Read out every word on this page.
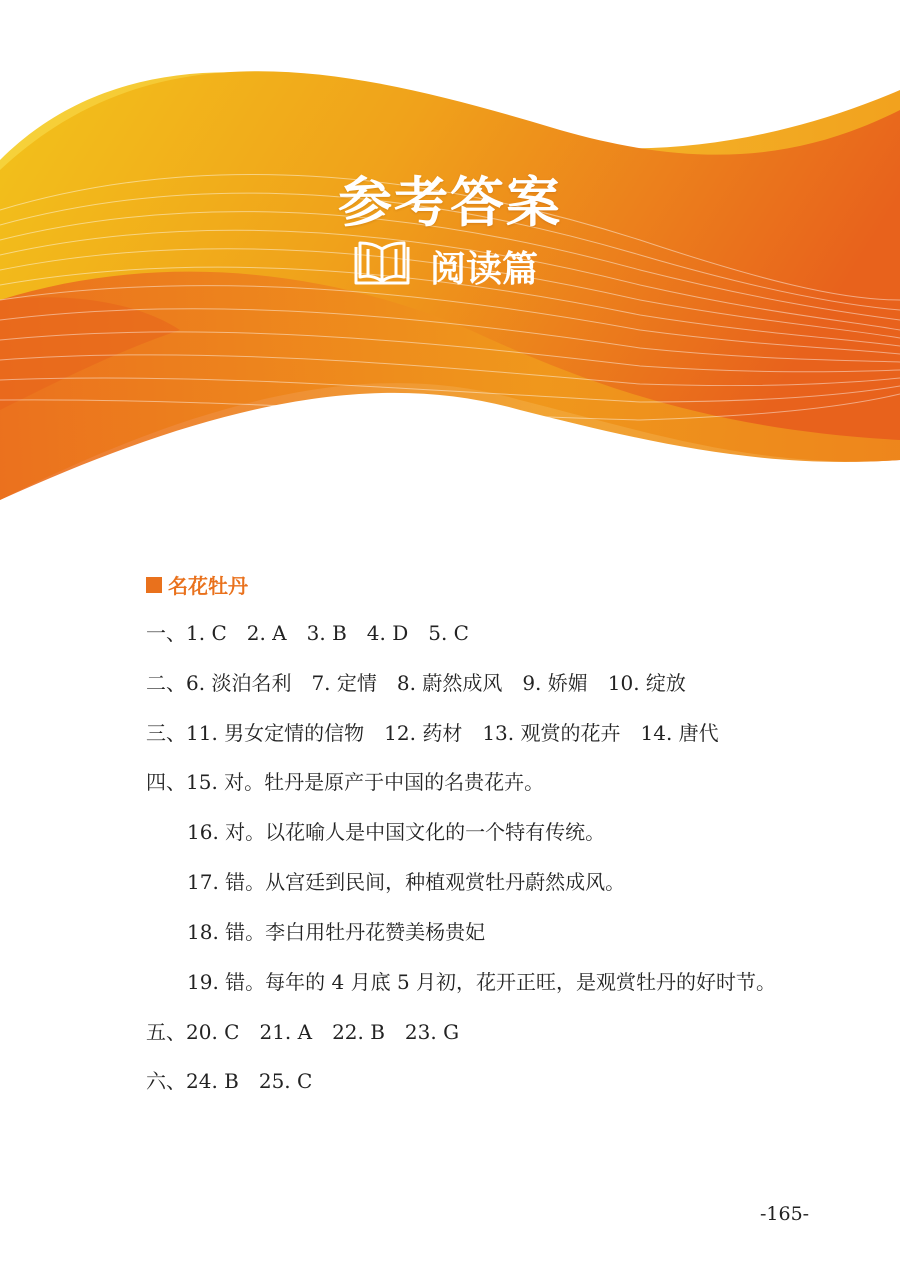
参考答案
阅读篇
名花牡丹
一、1. C　2. A　3. B　4. D　5. C
二、6. 淡泊名利　7. 定情　8. 蔚然成风　9. 娇媚　10. 绽放
三、11. 男女定情的信物　12. 药材　13. 观赏的花卉　14. 唐代
四、15. 对。牡丹是原产于中国的名贵花卉。
16. 对。以花喻人是中国文化的一个特有传统。
17. 错。从宫廷到民间，种植观赏牡丹蔚然成风。
18. 错。李白用牡丹花赞美杨贵妃
19. 错。每年的 4 月底 5 月初，花开正旺，是观赏牡丹的好时节。
五、20. C　21. A　22. B　23. G
六、24. B　25. C
-165-
